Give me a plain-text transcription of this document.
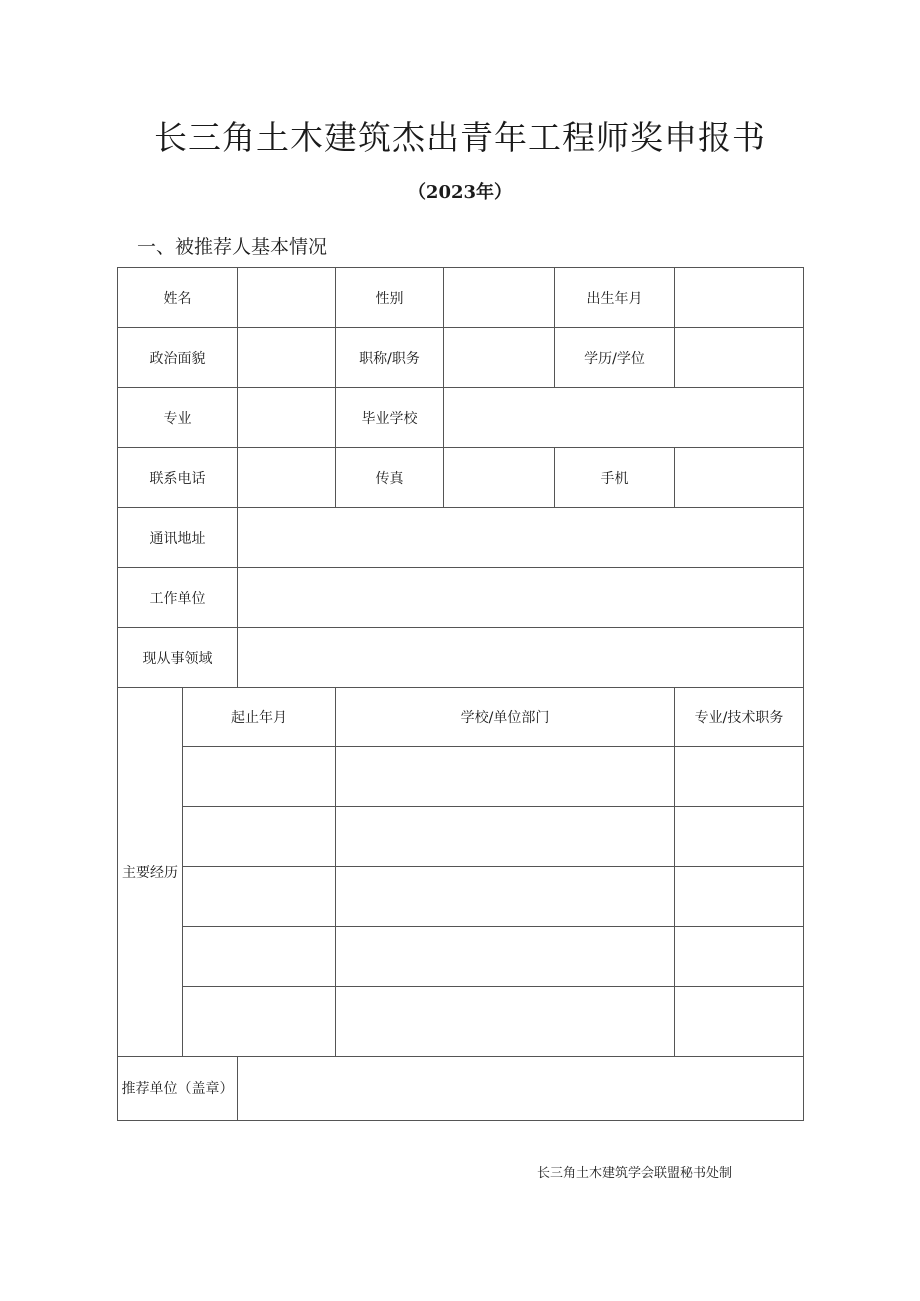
长三角土木建筑杰出青年工程师奖申报书
（2023年）
一、被推荐人基本情况
姓名			性别		出生年月	
政治面貌			职称/职务		学历/学位	
专业			毕业学校			
联系电话			传真		手机	
通讯地址						
工作单位						
现从事领域						
主要经历	起止年月		学校/单位部门			专业/技术职务

推荐单位（盖章）						
长三角土木建筑学会联盟秘书处制
